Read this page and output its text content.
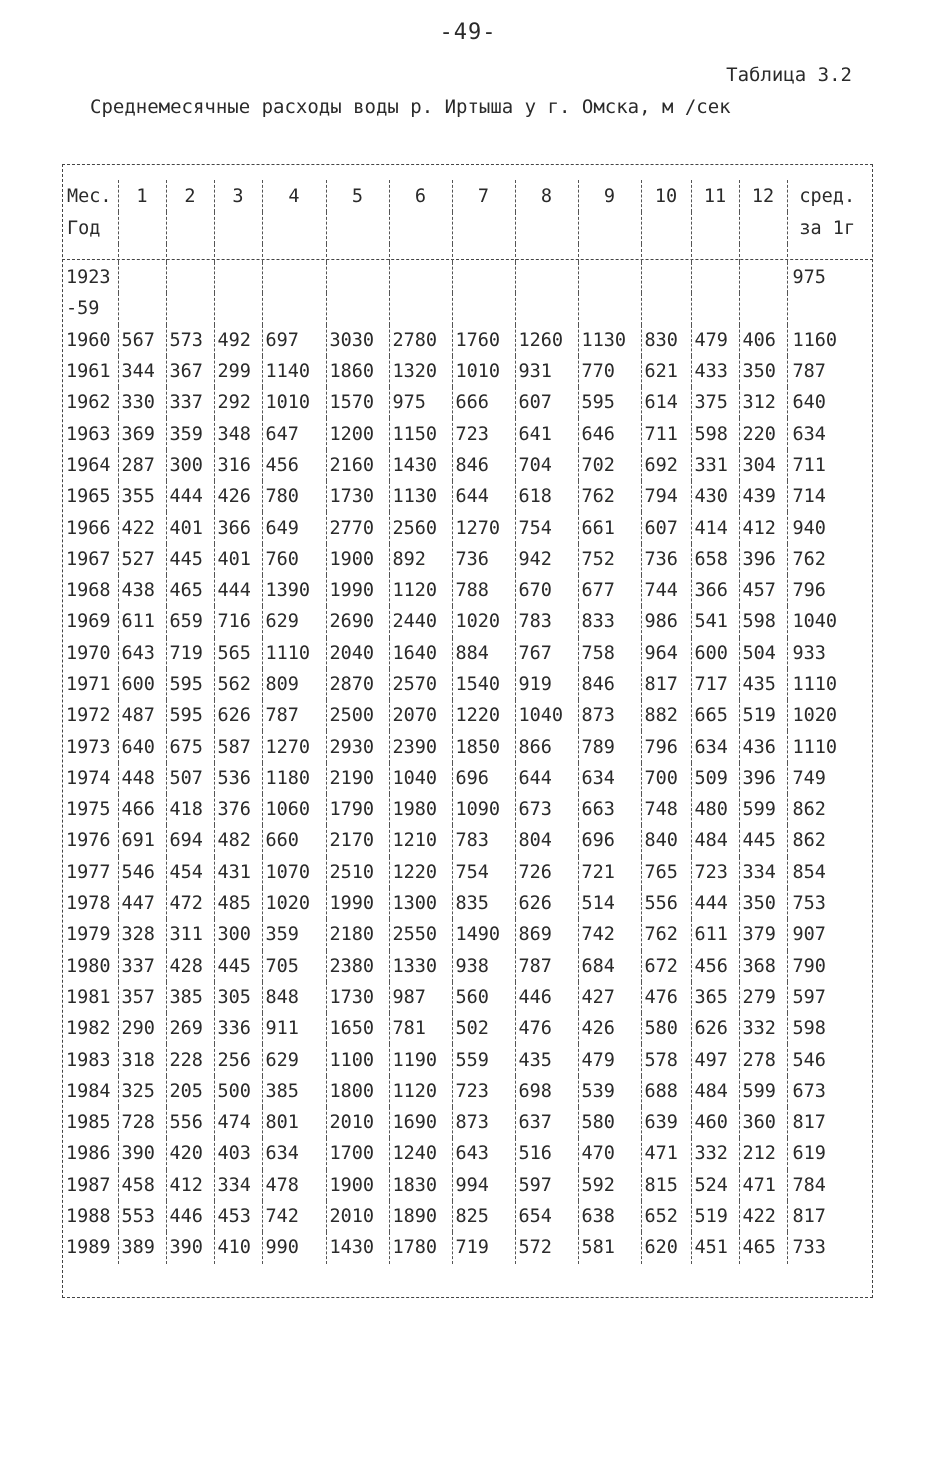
-49-
Таблица 3.2
Среднемесячные расходы воды р. Иртыша у г. Омска, м /сек
Мес.	1	2	3	4	5	6	7	8	9	10	11	12	сред.
Год													за 1г

1923													975
-59													
1960	567	573	492	697	3030	2780	1760	1260	1130	830	479	406	1160
1961	344	367	299	1140	1860	1320	1010	931	770	621	433	350	787
1962	330	337	292	1010	1570	975	666	607	595	614	375	312	640
1963	369	359	348	647	1200	1150	723	641	646	711	598	220	634
1964	287	300	316	456	2160	1430	846	704	702	692	331	304	711
1965	355	444	426	780	1730	1130	644	618	762	794	430	439	714
1966	422	401	366	649	2770	2560	1270	754	661	607	414	412	940
1967	527	445	401	760	1900	892	736	942	752	736	658	396	762
1968	438	465	444	1390	1990	1120	788	670	677	744	366	457	796
1969	611	659	716	629	2690	2440	1020	783	833	986	541	598	1040
1970	643	719	565	1110	2040	1640	884	767	758	964	600	504	933
1971	600	595	562	809	2870	2570	1540	919	846	817	717	435	1110
1972	487	595	626	787	2500	2070	1220	1040	873	882	665	519	1020
1973	640	675	587	1270	2930	2390	1850	866	789	796	634	436	1110
1974	448	507	536	1180	2190	1040	696	644	634	700	509	396	749
1975	466	418	376	1060	1790	1980	1090	673	663	748	480	599	862
1976	691	694	482	660	2170	1210	783	804	696	840	484	445	862
1977	546	454	431	1070	2510	1220	754	726	721	765	723	334	854
1978	447	472	485	1020	1990	1300	835	626	514	556	444	350	753
1979	328	311	300	359	2180	2550	1490	869	742	762	611	379	907
1980	337	428	445	705	2380	1330	938	787	684	672	456	368	790
1981	357	385	305	848	1730	987	560	446	427	476	365	279	597
1982	290	269	336	911	1650	781	502	476	426	580	626	332	598
1983	318	228	256	629	1100	1190	559	435	479	578	497	278	546
1984	325	205	500	385	1800	1120	723	698	539	688	484	599	673
1985	728	556	474	801	2010	1690	873	637	580	639	460	360	817
1986	390	420	403	634	1700	1240	643	516	470	471	332	212	619
1987	458	412	334	478	1900	1830	994	597	592	815	524	471	784
1988	553	446	453	742	2010	1890	825	654	638	652	519	422	817
1989	389	390	410	990	1430	1780	719	572	581	620	451	465	733
